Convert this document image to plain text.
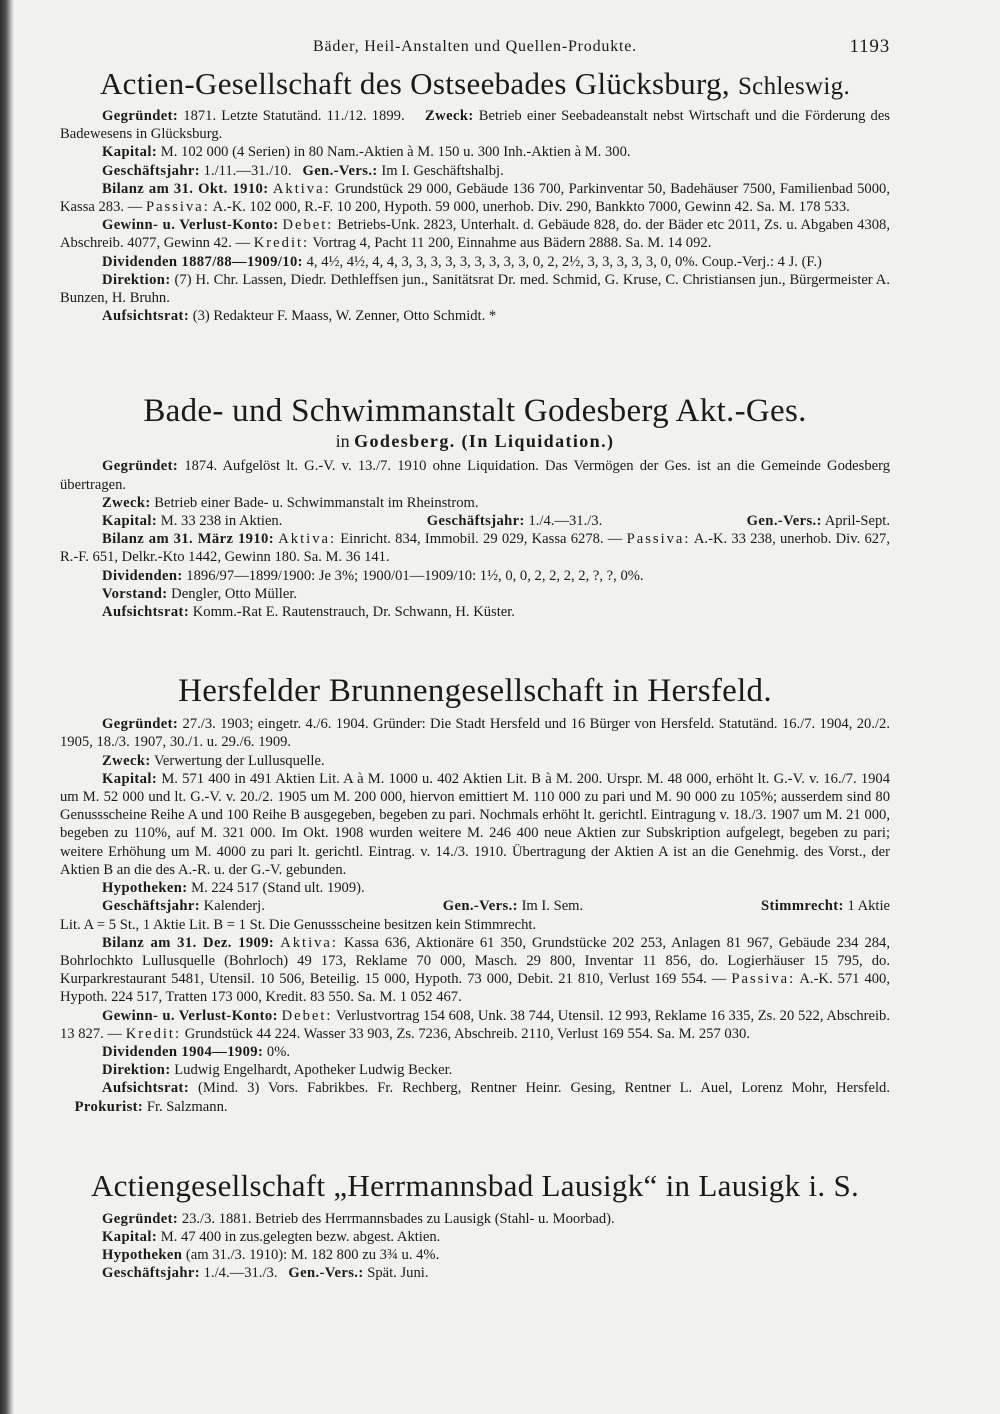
Bäder, Heil-Anstalten und Quellen-Produkte.	1193
Actien-Gesellschaft des Ostseebades Glücksburg, Schleswig.

Gegründet: 1871. Letzte Statutänd. 11./12. 1899. Zweck: Betrieb einer Seebadeanstalt nebst Wirtschaft und die Förderung des Badewesens in Glücksburg.

Kapital: M. 102 000 (4 Serien) in 80 Nam.-Aktien à M. 150 u. 300 Inh.-Aktien à M. 300.

Geschäftsjahr: 1./11.—31./10. Gen.-Vers.: Im I. Geschäftshalbj.

Bilanz am 31. Okt. 1910: Aktiva: Grundstück 29 000, Gebäude 136 700, Parkinventar 50, Badehäuser 7500, Familienbad 5000, Kassa 283. — Passiva: A.-K. 102 000, R.-F. 10 200, Hypoth. 59 000, unerhob. Div. 290, Bankkto 7000, Gewinn 42. Sa. M. 178 533.

Gewinn- u. Verlust-Konto: Debet: Betriebs-Unk. 2823, Unterhalt. d. Gebäude 828, do. der Bäder etc 2011, Zs. u. Abgaben 4308, Abschreib. 4077, Gewinn 42. — Kredit: Vortrag 4, Pacht 11 200, Einnahme aus Bädern 2888. Sa. M. 14 092.

Dividenden 1887/88—1909/10: 4, 4½, 4½, 4, 4, 3, 3, 3, 3, 3, 3, 3, 3, 3, 0, 2, 2½, 3, 3, 3, 3, 3, 0, 0%. Coup.-Verj.: 4 J. (F.)

Direktion: (7) H. Chr. Lassen, Diedr. Dethleffsen jun., Sanitätsrat Dr. med. Schmid, G. Kruse, C. Christiansen jun., Bürgermeister A. Bunzen, H. Bruhn.

Aufsichtsrat: (3) Redakteur F. Maass, W. Zenner, Otto Schmidt. *

Bade- und Schwimmanstalt Godesberg Akt.-Ges.
in Godesberg. (In Liquidation.)

Gegründet: 1874. Aufgelöst lt. G.-V. v. 13./7. 1910 ohne Liquidation. Das Vermögen der Ges. ist an die Gemeinde Godesberg übertragen.

Zweck: Betrieb einer Bade- u. Schwimmanstalt im Rheinstrom.

Kapital: M. 33 238 in Aktien.	Geschäftsjahr: 1./4.—31./3.	Gen.-Vers.: April-Sept.

Bilanz am 31. März 1910: Aktiva: Einricht. 834, Immobil. 29 029, Kassa 6278. — Passiva: A.-K. 33 238, unerhob. Div. 627, R.-F. 651, Delkr.-Kto 1442, Gewinn 180. Sa. M. 36 141.

Dividenden: 1896/97—1899/1900: Je 3%; 1900/01—1909/10: 1½, 0, 0, 2, 2, 2, 2, ?, ?, 0%.

Vorstand: Dengler, Otto Müller.

Aufsichtsrat: Komm.-Rat E. Rautenstrauch, Dr. Schwann, H. Küster.

Hersfelder Brunnengesellschaft in Hersfeld.

Gegründet: 27./3. 1903; eingetr. 4./6. 1904. Gründer: Die Stadt Hersfeld und 16 Bürger von Hersfeld. Statutänd. 16./7. 1904, 20./2. 1905, 18./3. 1907, 30./1. u. 29./6. 1909.

Zweck: Verwertung der Lullusquelle.

Kapital: M. 571 400 in 491 Aktien Lit. A à M. 1000 u. 402 Aktien Lit. B à M. 200. Urspr. M. 48 000, erhöht lt. G.-V. v. 16./7. 1904 um M. 52 000 und lt. G.-V. v. 20./2. 1905 um M. 200 000, hiervon emittiert M. 110 000 zu pari und M. 90 000 zu 105%; ausserdem sind 80 Genussscheine Reihe A und 100 Reihe B ausgegeben, begeben zu pari. Nochmals erhöht lt. gerichtl. Eintragung v. 18./3. 1907 um M. 21 000, begeben zu 110%, auf M. 321 000. Im Okt. 1908 wurden weitere M. 246 400 neue Aktien zur Subskription aufgelegt, begeben zu pari; weitere Erhöhung um M. 4000 zu pari lt. gerichtl. Eintrag. v. 14./3. 1910. Übertragung der Aktien A ist an die Genehmig. des Vorst., der Aktien B an die des A.-R. u. der G.-V. gebunden.

Hypotheken: M. 224 517 (Stand ult. 1909).

Geschäftsjahr: Kalenderj.	Gen.-Vers.: Im I. Sem.	Stimmrecht: 1 Aktie

Lit. A = 5 St., 1 Aktie Lit. B = 1 St. Die Genussscheine besitzen kein Stimmrecht.

Bilanz am 31. Dez. 1909: Aktiva: Kassa 636, Aktionäre 61 350, Grundstücke 202 253, Anlagen 81 967, Gebäude 234 284, Bohrlochkto Lullusquelle (Bohrloch) 49 173, Reklame 70 000, Masch. 29 800, Inventar 11 856, do. Logierhäuser 15 795, do. Kurparkrestaurant 5481, Utensil. 10 506, Beteilig. 15 000, Hypoth. 73 000, Debit. 21 810, Verlust 169 554. — Passiva: A.-K. 571 400, Hypoth. 224 517, Tratten 173 000, Kredit. 83 550. Sa. M. 1 052 467.

Gewinn- u. Verlust-Konto: Debet: Verlustvortrag 154 608, Unk. 38 744, Utensil. 12 993, Reklame 16 335, Zs. 20 522, Abschreib. 13 827. — Kredit: Grundstück 44 224. Wasser 33 903, Zs. 7236, Abschreib. 2110, Verlust 169 554. Sa. M. 257 030.

Dividenden 1904—1909: 0%.

Direktion: Ludwig Engelhardt, Apotheker Ludwig Becker.

Aufsichtsrat: (Mind. 3) Vors. Fabrikbes. Fr. Rechberg, Rentner Heinr. Gesing, Rentner L. Auel, Lorenz Mohr, Hersfeld.     Prokurist: Fr. Salzmann.

Actiengesellschaft „Herrmannsbad Lausigk“ in Lausigk i. S.

Gegründet: 23./3. 1881. Betrieb des Herrmannsbades zu Lausigk (Stahl- u. Moorbad).

Kapital: M. 47 400 in zus.gelegten bezw. abgest. Aktien.

Hypotheken (am 31./3. 1910): M. 182 800 zu 3¾ u. 4%.

Geschäftsjahr: 1./4.—31./3. Gen.-Vers.: Spät. Juni.
